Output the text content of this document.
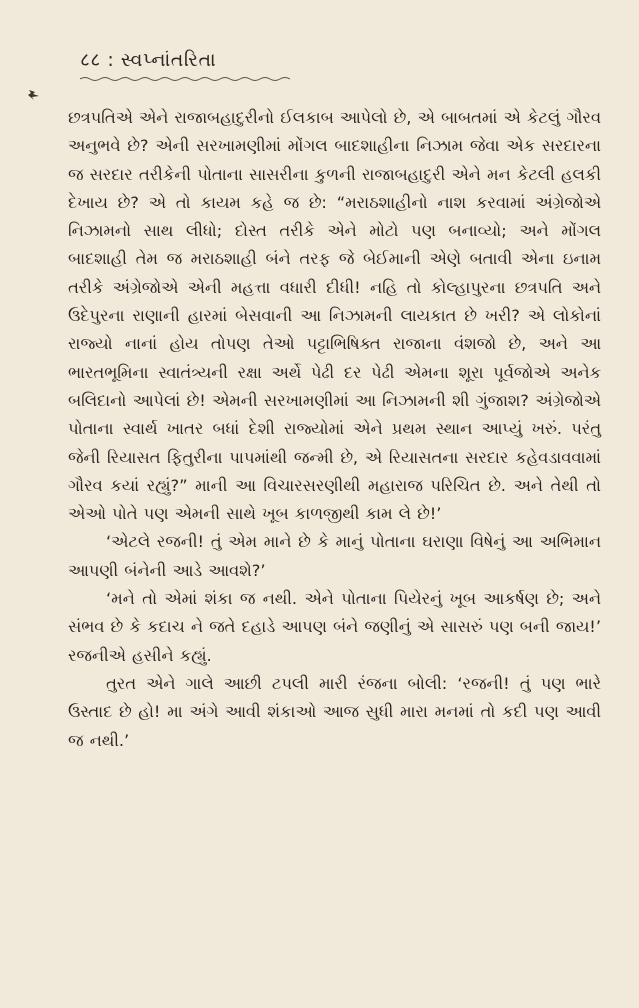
८८ : સ્વપ્નાંતરિતા

છત્રપતિએ એને રાજાબહાદુરીનો ઈલકાબ આપેલો છે, એ બાબતમાં એ કેટલું ગૌરવ અનુભવે છે? એની સરખામણીમાં મોંગલ બાદશાહીના નિઝામ જેવા એક સરદારના જ સરદાર તરીકેની પોતાના સાસરીના કુળની રાજાબહાદુરી એને મન કેટલી હલકી દેખાય છે? એ તો કાયમ કહે જ છે: “મરાઠશાહીનો નાશ કરવામાં અંગ્રેજોએ નિઝામનો સાથ લીધો; દોસ્ત તરીકે એને મોટો પણ બનાવ્યો; અને મોંગલ બાદશાહી તેમ જ મરાઠશાહી બંને તરફ જે બેઈમાની એણે બતાવી એના ઇનામ તરીકે અંગ્રેજોએ એની મહત્તા વધારી દીધી! નહિ તો કોલ્હાપુરના છત્રપતિ અને ઉદેપુરના રાણાની હારમાં બેસવાની આ નિઝામની લાયકાત છે ખરી? એ લોકોનાં રાજ્યો નાનાં હોય તોપણ તેઓ પટ્ટાભિષિક્ત રાજાના વંશજો છે, અને આ ભારતભૂમિના સ્વાતંત્ર્યની રક્ષા અર્થે પેઢી દર પેઢી એમના શૂરા પૂર્વજોએ અનેક બલિદાનો આપેલાં છે! એમની સરખામણીમાં આ નિઝામની શી ગુંજાશ? અંગ્રેજોએ પોતાના સ્વાર્થ ખાતર બધાં દેશી રાજ્યોમાં એને પ્રથમ સ્થાન આપ્યું ખરું. પરંતુ જેની રિયાસત ફિતુરીના પાપમાંથી જન્મી છે, એ રિયાસતના સરદાર કહેવડાવવામાં ગૌરવ કયાં રહ્યું?” માની આ વિચારસરણીથી મહારાજ પરિચિત છે. અને તેથી તો એઓ પોતે પણ એમની સાથે ખૂબ કાળજીથી કામ લે છે!’

‘એટલે રજની! તું એમ માને છે કે માનું પોતાના ઘરાણા વિષેનું આ અભિમાન આપણી બંનેની આડે આવશે?’

‘મને તો એમાં શંકા જ નથી. એને પોતાના પિયેરનું ખૂબ આકર્ષણ છે; અને સંભવ છે કે કદાચ ને જતે દહાડે આપણ બંને જણીનું એ સાસરું પણ બની જાય!’ રજનીએ હસીને કહ્યું.

તુરત એને ગાલે આછી ટપલી મારી રંજના બોલી: ‘રજની! તું પણ ભારે ઉસ્તાદ છે હો! મા અંગે આવી શંકાઓ આજ સુધી મારા મનમાં તો કદી પણ આવી જ નથી.’
